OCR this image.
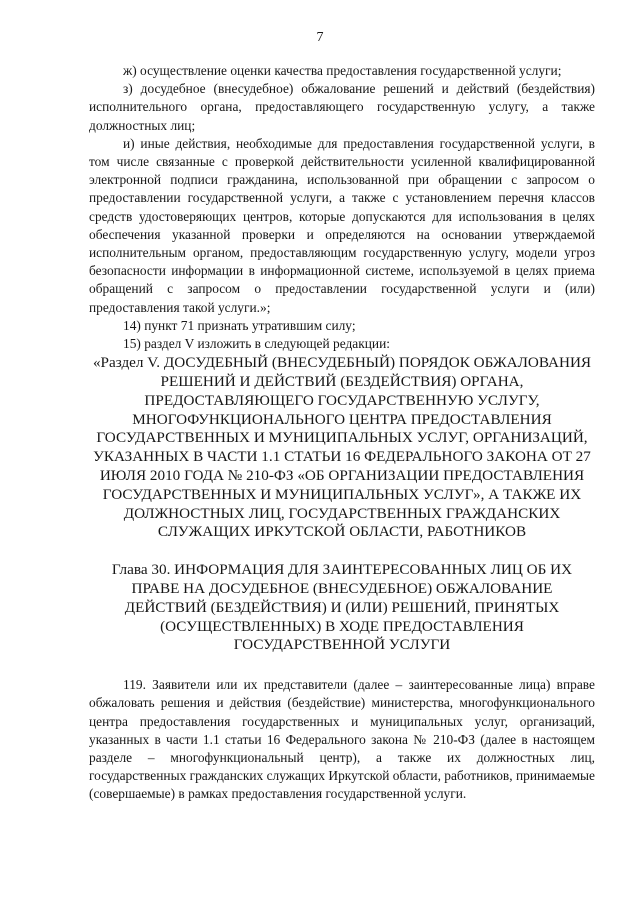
7

ж) осуществление оценки качества предоставления государственной услуги;

з) досудебное (внесудебное) обжалование решений и действий (бездействия) исполнительного органа, предоставляющего государственную услугу, а также должностных лиц;

и) иные действия, необходимые для предоставления государственной услуги, в том числе связанные с проверкой действительности усиленной квалифицированной электронной подписи гражданина, использованной при обращении с запросом о предоставлении государственной услуги, а также с установлением перечня классов средств удостоверяющих центров, которые допускаются для использования в целях обеспечения указанной проверки и определяются на основании утверждаемой исполнительным органом, предоставляющим государственную услугу, модели угроз безопасности информации в информационной системе, используемой в целях приема обращений с запросом о предоставлении государственной услуги и (или) предоставления такой услуги.»;

14) пункт 71 признать утратившим силу;

15) раздел V изложить в следующей редакции:

«Раздел V. ДОСУДЕБНЫЙ (ВНЕСУДЕБНЫЙ) ПОРЯДОК ОБЖАЛОВАНИЯ РЕШЕНИЙ И ДЕЙСТВИЙ (БЕЗДЕЙСТВИЯ) ОРГАНА, ПРЕДОСТАВЛЯЮЩЕГО ГОСУДАРСТВЕННУЮ УСЛУГУ, МНОГОФУНКЦИОНАЛЬНОГО ЦЕНТРА ПРЕДОСТАВЛЕНИЯ ГОСУДАРСТВЕННЫХ И МУНИЦИПАЛЬНЫХ УСЛУГ, ОРГАНИЗАЦИЙ, УКАЗАННЫХ В ЧАСТИ 1.1 СТАТЬИ 16 ФЕДЕРАЛЬНОГО ЗАКОНА ОТ 27 ИЮЛЯ 2010 ГОДА № 210-ФЗ «ОБ ОРГАНИЗАЦИИ ПРЕДОСТАВЛЕНИЯ ГОСУДАРСТВЕННЫХ И МУНИЦИПАЛЬНЫХ УСЛУГ», А ТАКЖЕ ИХ ДОЛЖНОСТНЫХ ЛИЦ, ГОСУДАРСТВЕННЫХ ГРАЖДАНСКИХ СЛУЖАЩИХ ИРКУТСКОЙ ОБЛАСТИ, РАБОТНИКОВ

Глава 30. ИНФОРМАЦИЯ ДЛЯ ЗАИНТЕРЕСОВАННЫХ ЛИЦ ОБ ИХ ПРАВЕ НА ДОСУДЕБНОЕ (ВНЕСУДЕБНОЕ) ОБЖАЛОВАНИЕ ДЕЙСТВИЙ (БЕЗДЕЙСТВИЯ) И (ИЛИ) РЕШЕНИЙ, ПРИНЯТЫХ (ОСУЩЕСТВЛЕННЫХ) В ХОДЕ ПРЕДОСТАВЛЕНИЯ ГОСУДАРСТВЕННОЙ УСЛУГИ

119. Заявители или их представители (далее – заинтересованные лица) вправе обжаловать решения и действия (бездействие) министерства, многофункционального центра предоставления государственных и муниципальных услуг, организаций, указанных в части 1.1 статьи 16 Федерального закона № 210-ФЗ (далее в настоящем разделе – многофункциональный центр), а также их должностных лиц, государственных гражданских служащих Иркутской области, работников, принимаемые (совершаемые) в рамках предоставления государственной услуги.
